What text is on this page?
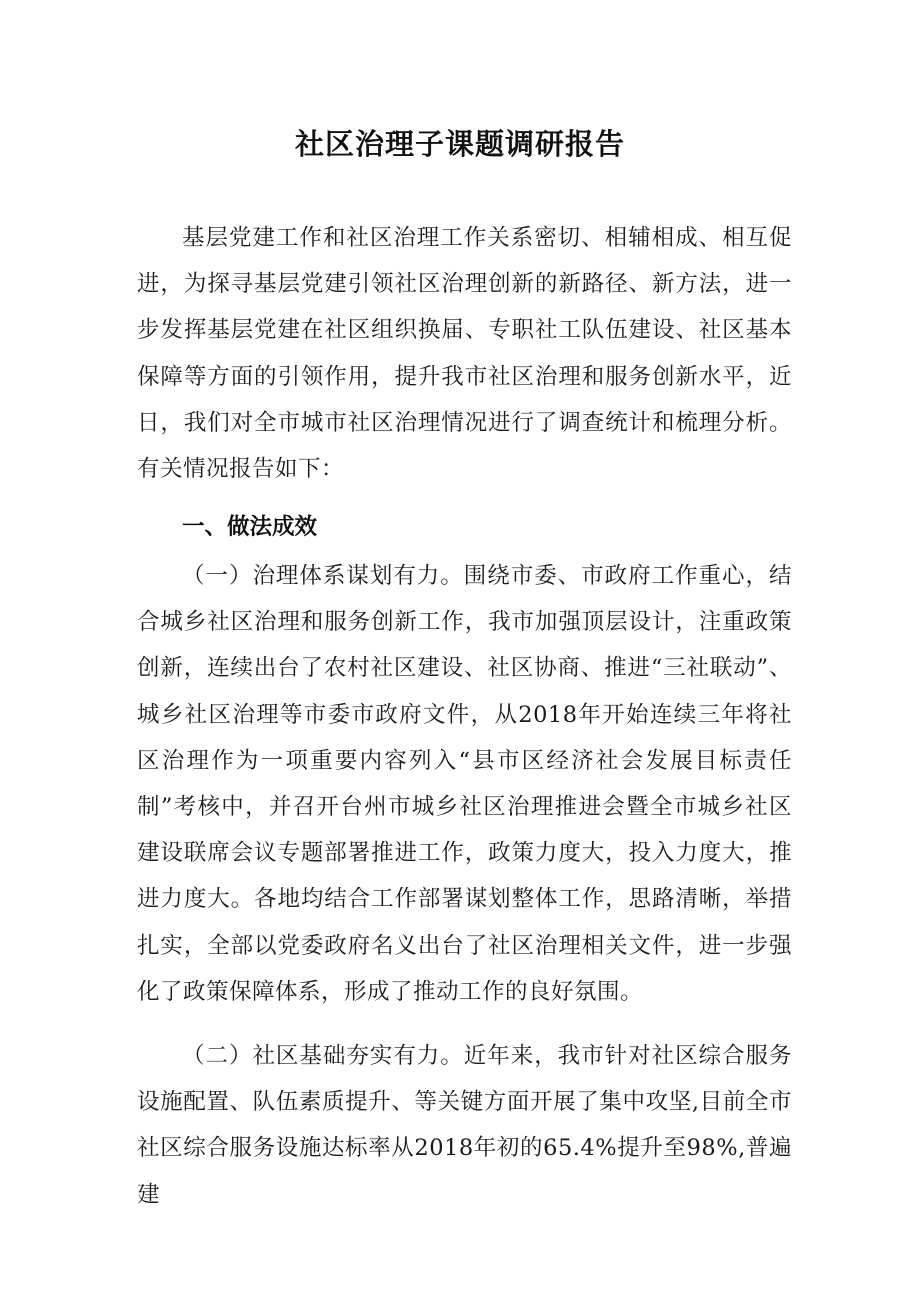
社区治理子课题调研报告

基层党建工作和社区治理工作关系密切、相辅相成、相互促进，为探寻基层党建引领社区治理创新的新路径、新方法，进一步发挥基层党建在社区组织换届、专职社工队伍建设、社区基本保障等方面的引领作用，提升我市社区治理和服务创新水平，近日，我们对全市城市社区治理情况进行了调查统计和梳理分析。有关情况报告如下：

一、做法成效

（一）治理体系谋划有力。围绕市委、市政府工作重心，结合城乡社区治理和服务创新工作，我市加强顶层设计，注重政策创新，连续出台了农村社区建设、社区协商、推进“三社联动”、城乡社区治理等市委市政府文件，从2018年开始连续三年将社区治理作为一项重要内容列入“县市区经济社会发展目标责任制”考核中，并召开台州市城乡社区治理推进会暨全市城乡社区建设联席会议专题部署推进工作，政策力度大，投入力度大，推进力度大。各地均结合工作部署谋划整体工作，思路清晰，举措扎实，全部以党委政府名义出台了社区治理相关文件，进一步强化了政策保障体系，形成了推动工作的良好氛围。

（二）社区基础夯实有力。近年来，我市针对社区综合服务设施配置、队伍素质提升、等关键方面开展了集中攻坚,目前全市社区综合服务设施达标率从2018年初的65.4%提升至98%,普遍建
